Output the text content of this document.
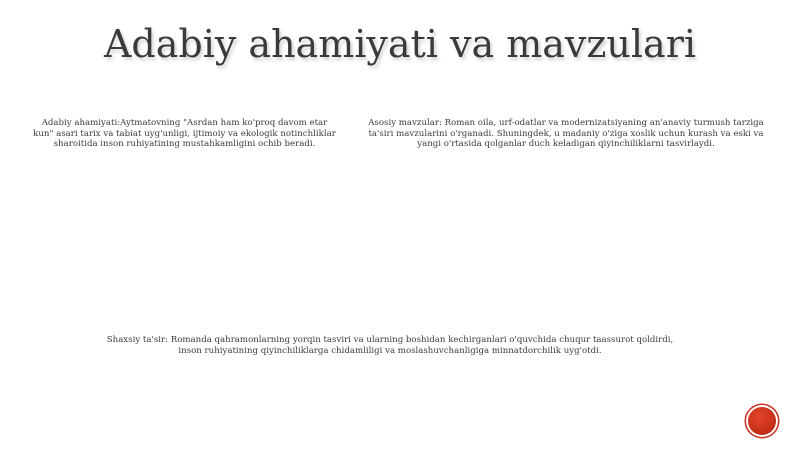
Adabiy ahamiyati va mavzulari
Adabiy ahamiyati:Aytmatovning "Asrdan ham ko'proq davom etar kun" asari tarix va tabiat uyg'unligi, ijtimoiy va ekologik notinchliklar sharoitida inson ruhiyatining mustahkamligini ochib beradi.
Asosiy mavzular: Roman oila, urf-odatlar va modernizatsiyaning an'anaviy turmush tarziga ta'siri mavzularini o'rganadi. Shuningdek, u madaniy o'ziga xoslik uchun kurash va eski va yangi o'rtasida qolganlar duch keladigan qiyinchiliklarni tasvirlaydi.
Shaxsiy ta'sir: Romanda qahramonlarning yorqin tasviri va ularning boshidan kechirganlari o'quvchida chuqur taassurot qoldirdi, inson ruhiyatining qiyinchiliklarga chidamliligi va moslashuvchanligiga minnatdorchilik uyg'otdi.
